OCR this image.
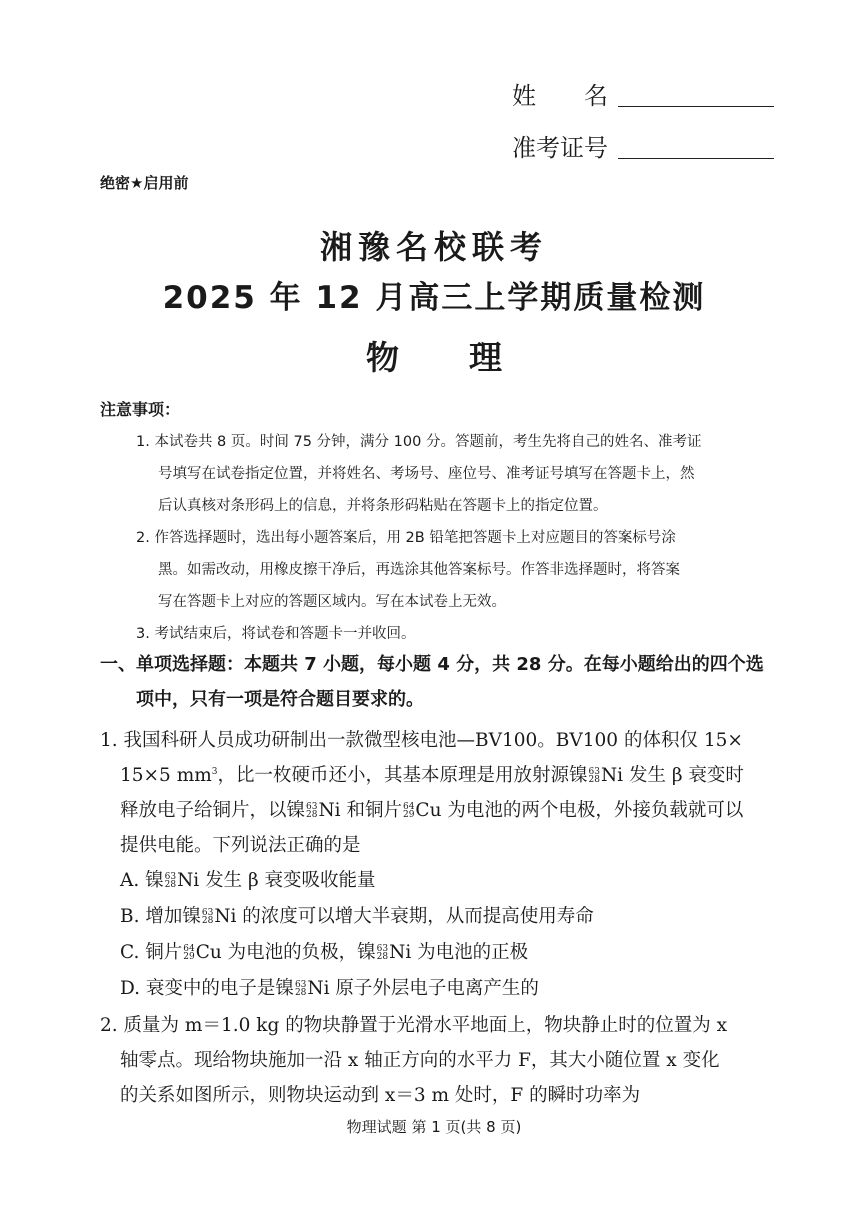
姓　　名
准考证号
绝密★启用前
湘豫名校联考
2025 年 12 月高三上学期质量检测
物理
注意事项：
1. 本试卷共 8 页。时间 75 分钟，满分 100 分。答题前，考生先将自己的姓名、准考证
号填写在试卷指定位置，并将姓名、考场号、座位号、准考证号填写在答题卡上，然
后认真核对条形码上的信息，并将条形码粘贴在答题卡上的指定位置。
2. 作答选择题时，选出每小题答案后，用 2B 铅笔把答题卡上对应题目的答案标号涂
黑。如需改动，用橡皮擦干净后，再选涂其他答案标号。作答非选择题时，将答案
写在答题卡上对应的答题区域内。写在本试卷上无效。
3. 考试结束后，将试卷和答题卡一并收回。
一、单项选择题：本题共 7 小题，每小题 4 分，共 28 分。在每小题给出的四个选
项中，只有一项是符合题目要求的。
1. 我国科研人员成功研制出一款微型核电池—BV100。BV100 的体积仅 15×
15×5 $mm^3$，比一枚硬币还小，其基本原理是用放射源镍 63
28 Ni 发生 β 衰变时
释放电子给铜片，以镍 63
28 Ni 和铜片 64
29 Cu 为电池的两个电极，外接负载就可以
提供电能。下列说法正确的是
A. 镍 63
28 Ni 发生 β 衰变吸收能量
B. 增加镍 63
28 Ni 的浓度可以增大半衰期，从而提高使用寿命
C. 铜片 64
29 Cu 为电池的负极，镍 63
28 Ni 为电池的正极
D. 衰变中的电子是镍 63
28 Ni 原子外层电子电离产生的
2. 质量为 m＝1.0 kg 的物块静置于光滑水平地面上，物块静止时的位置为 x
轴零点。现给物块施加一沿 x 轴正方向的水平力 F，其大小随位置 x 变化
的关系如图所示，则物块运动到 x＝3 m 处时，F 的瞬时功率为
物理试题 第 1 页(共 8 页)
